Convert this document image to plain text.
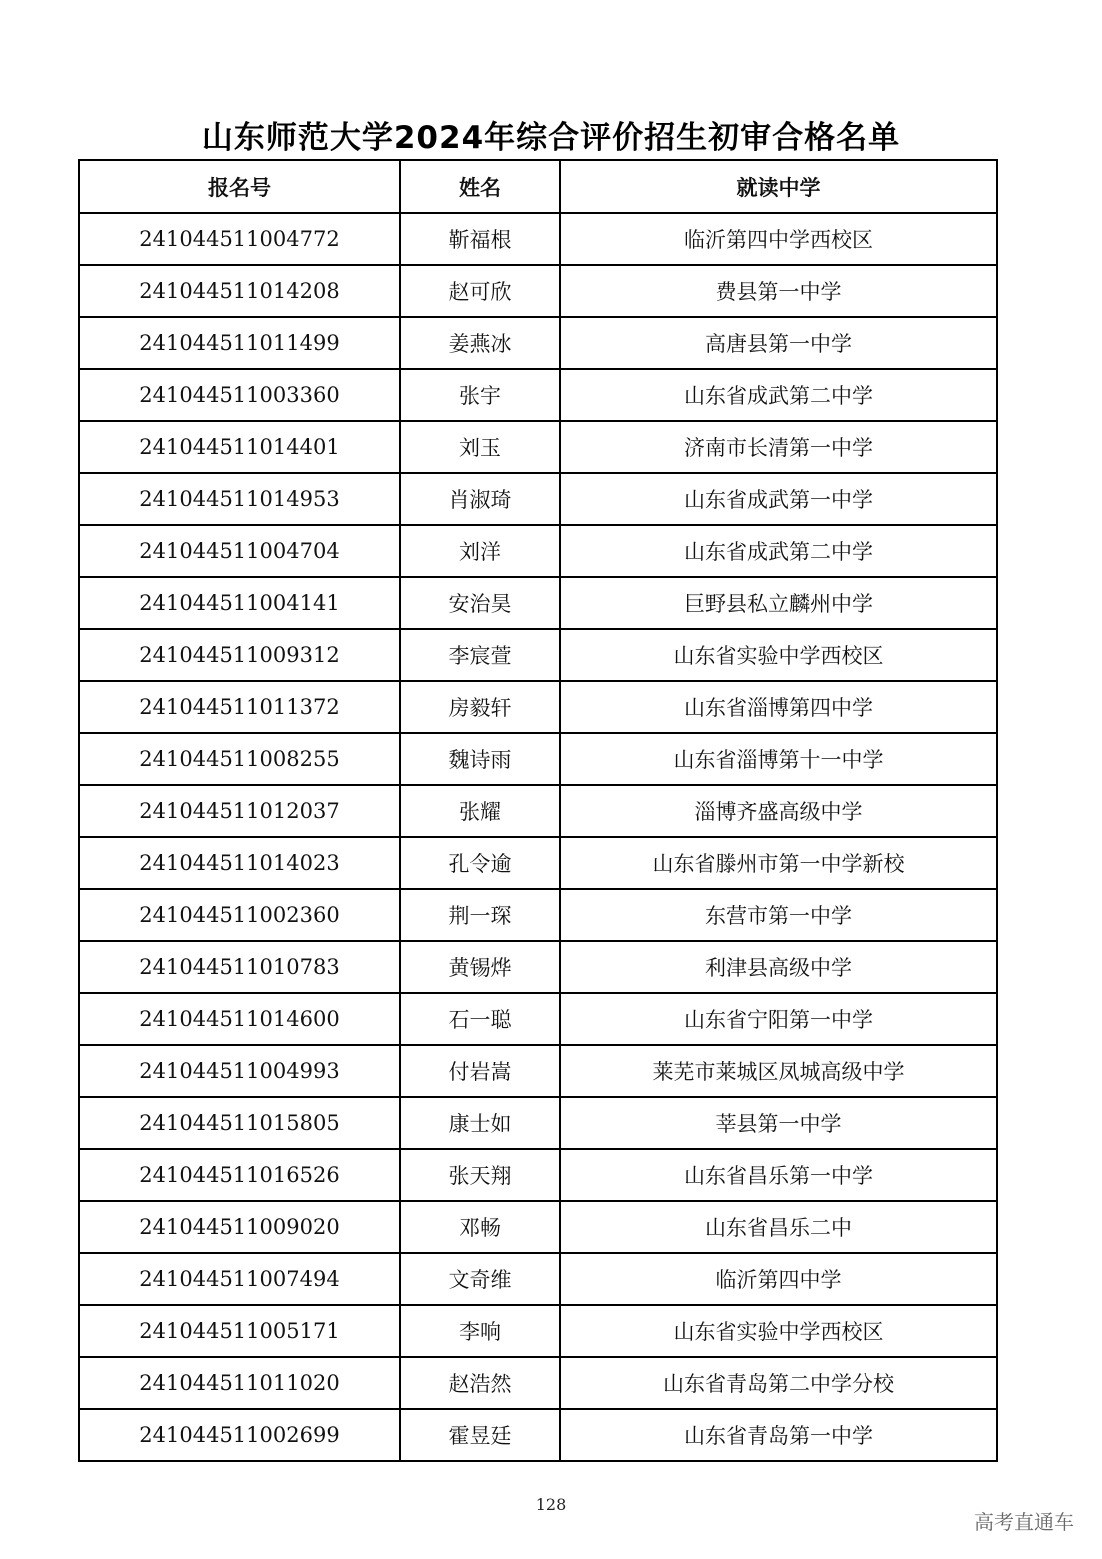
山东师范大学2024年综合评价招生初审合格名单
报名号	姓名	就读中学
241044511004772	靳福根	临沂第四中学西校区
241044511014208	赵可欣	费县第一中学
241044511011499	姜燕冰	高唐县第一中学
241044511003360	张宇	山东省成武第二中学
241044511014401	刘玉	济南市长清第一中学
241044511014953	肖淑琦	山东省成武第一中学
241044511004704	刘洋	山东省成武第二中学
241044511004141	安治昊	巨野县私立麟州中学
241044511009312	李宸萱	山东省实验中学西校区
241044511011372	房毅轩	山东省淄博第四中学
241044511008255	魏诗雨	山东省淄博第十一中学
241044511012037	张耀	淄博齐盛高级中学
241044511014023	孔令逾	山东省滕州市第一中学新校
241044511002360	荆一琛	东营市第一中学
241044511010783	黄锡烨	利津县高级中学
241044511014600	石一聪	山东省宁阳第一中学
241044511004993	付岩嵩	莱芜市莱城区凤城高级中学
241044511015805	康士如	莘县第一中学
241044511016526	张天翔	山东省昌乐第一中学
241044511009020	邓畅	山东省昌乐二中
241044511007494	文奇维	临沂第四中学
241044511005171	李响	山东省实验中学西校区
241044511011020	赵浩然	山东省青岛第二中学分校
241044511002699	霍昱廷	山东省青岛第一中学
128
高考直通车
